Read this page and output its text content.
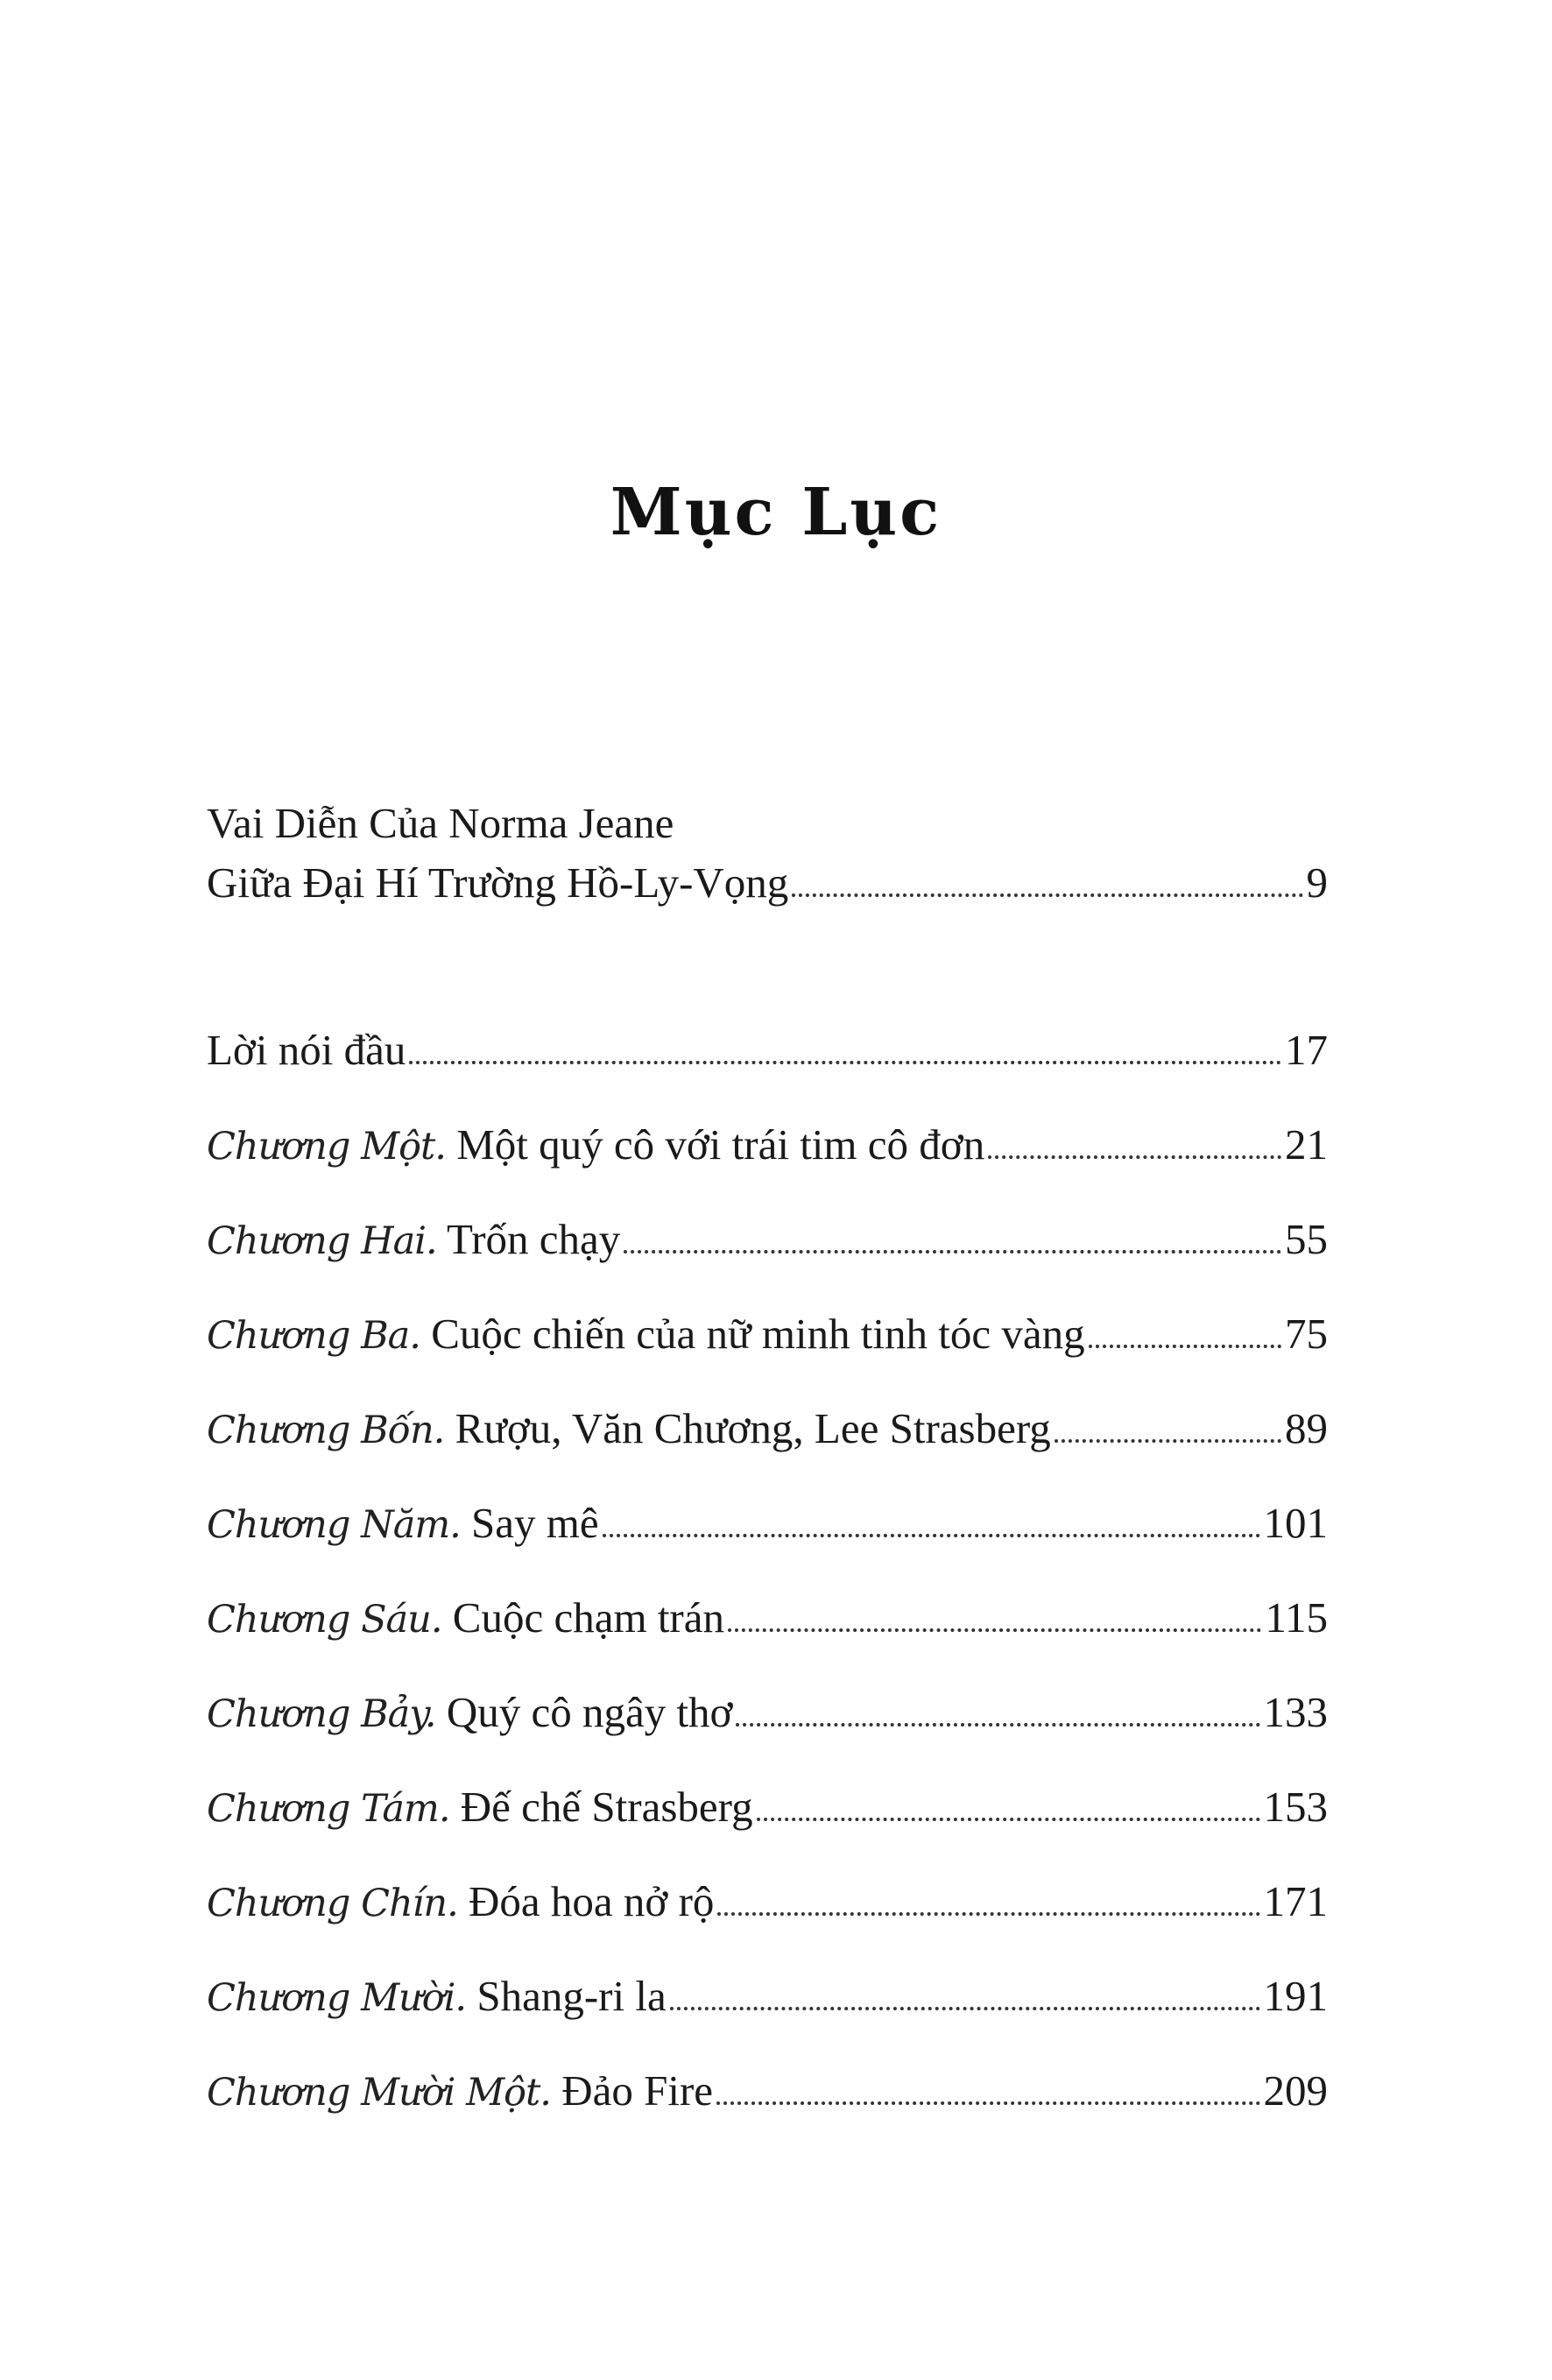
Mục Lục
Vai Diễn Của Norma Jeane
Giữa Đại Hí Trường Hồ-Ly-Vọng	9
Lời nói đầu	17
Chương Một. Một quý cô với trái tim cô đơn	21
Chương Hai. Trốn chạy	55
Chương Ba. Cuộc chiến của nữ minh tinh tóc vàng	75
Chương Bốn. Rượu, Văn Chương, Lee Strasberg	89
Chương Năm. Say mê	101
Chương Sáu. Cuộc chạm trán	115
Chương Bảy. Quý cô ngây thơ	133
Chương Tám. Đế chế Strasberg	153
Chương Chín. Đóa hoa nở rộ	171
Chương Mười. Shang-ri la	191
Chương Mười Một. Đảo Fire	209
